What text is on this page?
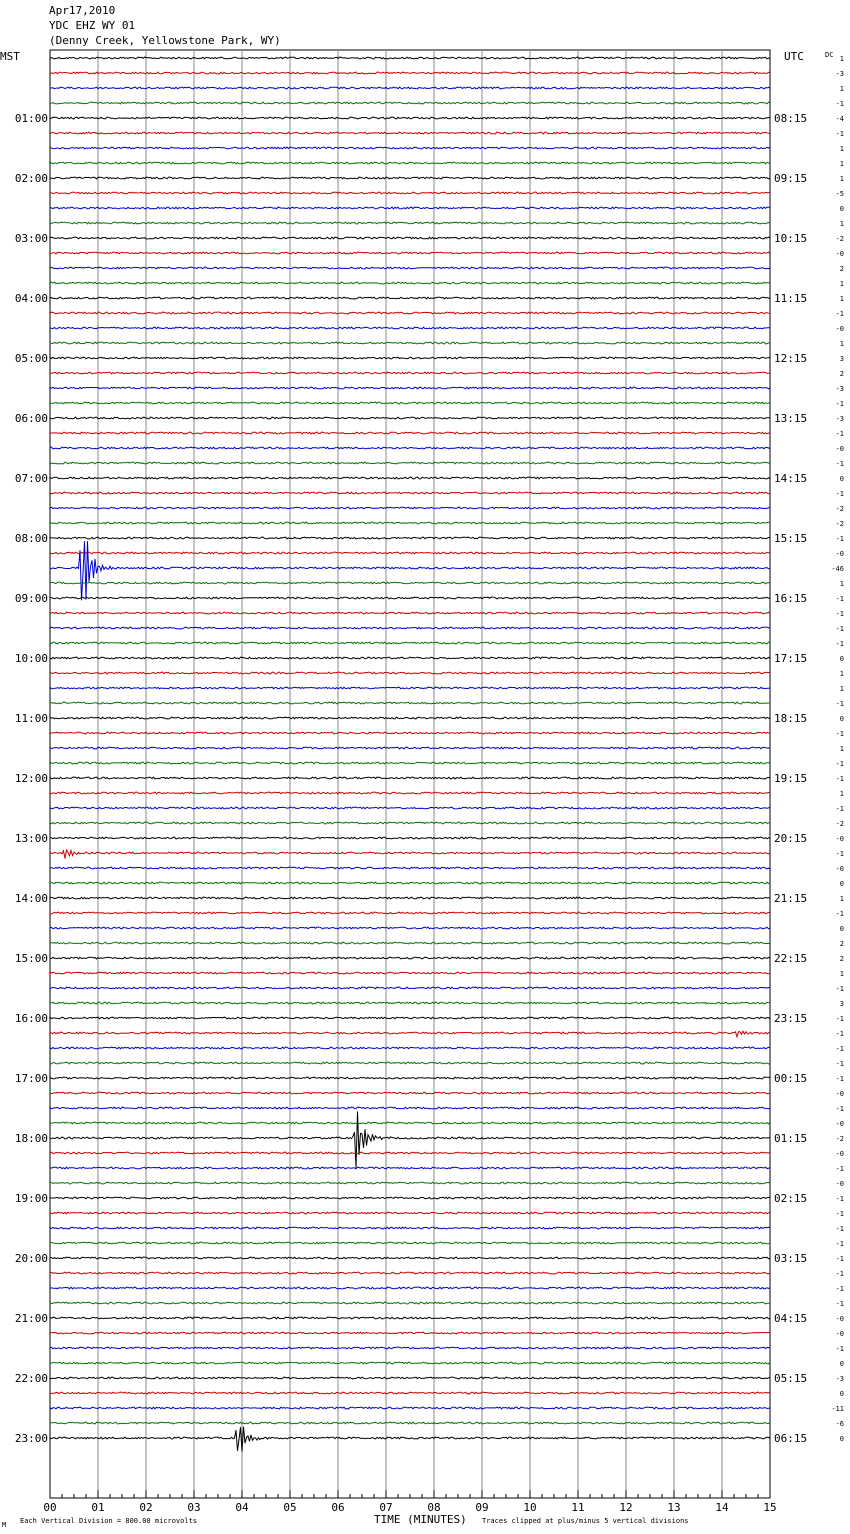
Apr17,2010
YDC EHZ WY 01
(Denny Creek, Yellowstone Park, WY)
MST	UTC	DC
TIME (MINUTES)
Each Vertical Division = 800.00 microvolts	Traces clipped at plus/minus 5 vertical divisions
M
1
-3
1
-1
-4
-1
1
1
1
-5
0
1
-2
-0
2
1
1
-1
-0
1
3
2
-3
-1
-3
-1
-0
-1
0
-1
-2
-2
-1
-0
-46
1
-1
-1
-1
-1
0
1
1
-1
0
-1
1
-1
-1
1
-1
-2
-0
-1
-0
0
1
-1
0
2
2
1
-1
3
-1
-1
-1
-1
-1
-0
-1
-0
-2
-0
-1
-0
-1
-1
-1
-1
-1
-1
-1
-1
-0
-0
-1
0
-3
0
-11
-6
0
01:00
02:00
03:00
04:00
05:00
06:00
07:00
08:00
09:00
10:00
11:00
12:00
13:00
14:00
15:00
16:00
17:00
18:00
19:00
20:00
21:00
22:00
23:00
08:15
09:15
10:15
11:15
12:15
13:15
14:15
15:15
16:15
17:15
18:15
19:15
20:15
21:15
22:15
23:15
00:15
01:15
02:15
03:15
04:15
05:15
06:15
00	01	02	03	04	05	06	07	08	09	10	11	12	13	14	15
